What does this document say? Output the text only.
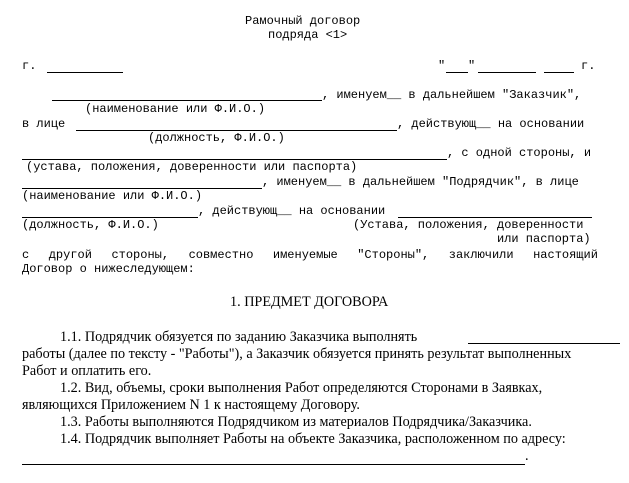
Рамочный договор
подряда <1>
г.	" "	г.
, именуем__ в дальнейшем "Заказчик",
(наименование или Ф.И.О.)
в лице	, действующ__ на основании
(должность, Ф.И.О.)
, с одной стороны, и
(устава, положения, доверенности или паспорта)
, именуем__ в дальнейшем "Подрядчик", в лице
(наименование или Ф.И.О.)
, действующ__ на основании
(должность, Ф.И.О.)	(Устава, положения, доверенности
или паспорта)
с другой стороны, совместно именуемые "Стороны", заключили настоящий
Договор о нижеследующем:
1. ПРЕДМЕТ ДОГОВОРА
1.1. Подрядчик обязуется по заданию Заказчика выполнять
работы (далее по тексту - "Работы"), а Заказчик обязуется принять результат выполненных
Работ и оплатить его.
1.2. Вид, объемы, сроки выполнения Работ определяются Сторонами в Заявках,
являющихся Приложением N 1 к настоящему Договору.
1.3. Работы выполняются Подрядчиком из материалов Подрядчика/Заказчика.
1.4. Подрядчик выполняет Работы на объекте Заказчика, расположенном по адресу:
.
